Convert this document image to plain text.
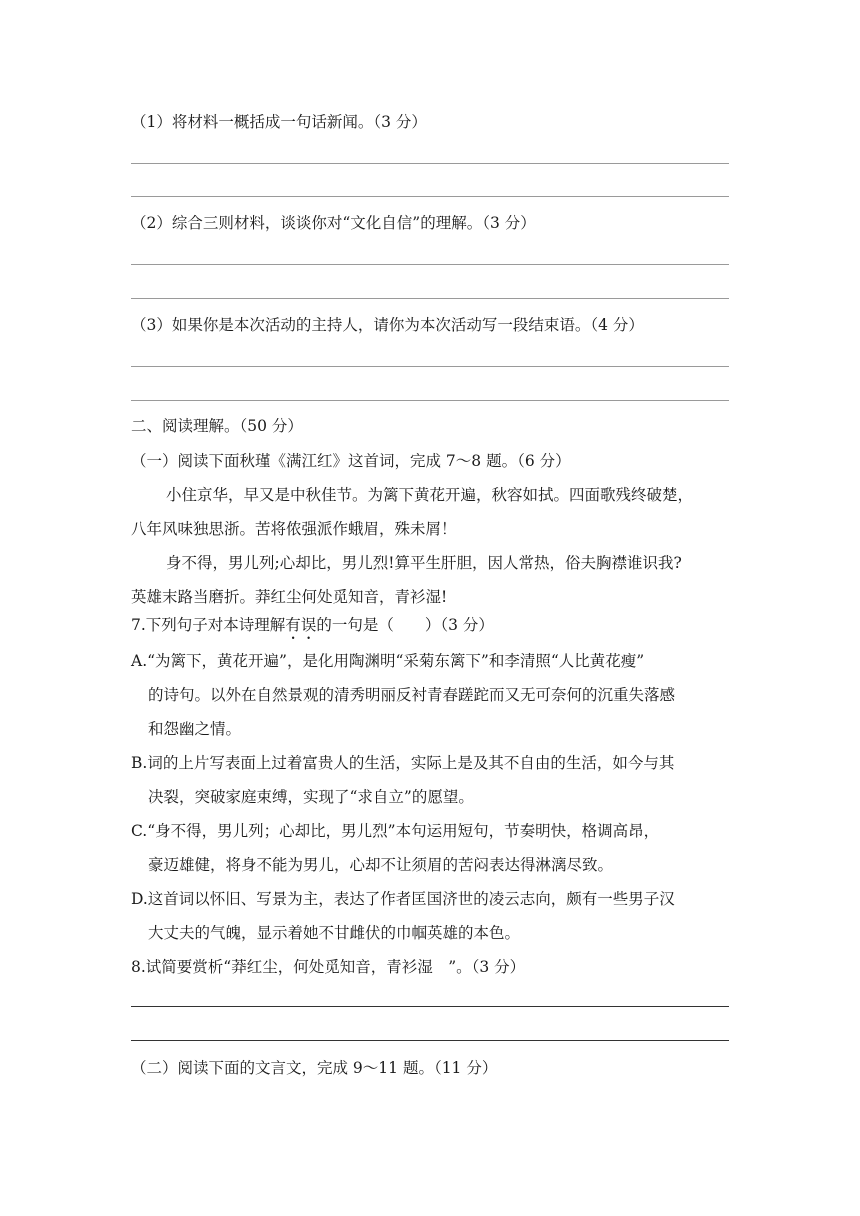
（1）将材料一概括成一句话新闻。（3 分）
（2）综合三则材料，谈谈你对“文化自信”的理解。（3 分）
（3）如果你是本次活动的主持人，请你为本次活动写一段结束语。（4 分）
二、阅读理解。（50 分）
（一）阅读下面秋瑾《满江红》这首词，完成 7～8 题。（6 分）
小住京华，早又是中秋佳节。为篱下黄花开遍，秋容如拭。四面歌残终破楚，
八年风味独思浙。苦将侬强派作蛾眉，殊未屑！
身不得，男儿列;心却比，男儿烈!算平生肝胆，因人常热，俗夫胸襟谁识我?
英雄末路当磨折。莽红尘何处觅知音，青衫湿!
7.下列句子对本诗理解有误的一句是（　　）（3 分）
A.“为篱下，黄花开遍”，是化用陶渊明“采菊东篱下”和李清照“人比黄花瘦”
的诗句。以外在自然景观的清秀明丽反衬青春蹉跎而又无可奈何的沉重失落感
和怨幽之情。
B.词的上片写表面上过着富贵人的生活，实际上是及其不自由的生活，如今与其
决裂，突破家庭束缚，实现了“求自立”的愿望。
C.“身不得，男儿列；心却比，男儿烈”本句运用短句，节奏明快，格调高昂，
豪迈雄健，将身不能为男儿，心却不让须眉的苦闷表达得淋漓尽致。
D.这首词以怀旧、写景为主，表达了作者匡国济世的凌云志向，颇有一些男子汉
大丈夫的气魄，显示着她不甘雌伏的巾帼英雄的本色。
8.试简要赏析“莽红尘，何处觅知音，青衫湿　”。（3 分）
（二）阅读下面的文言文，完成 9～11 题。（11 分）
